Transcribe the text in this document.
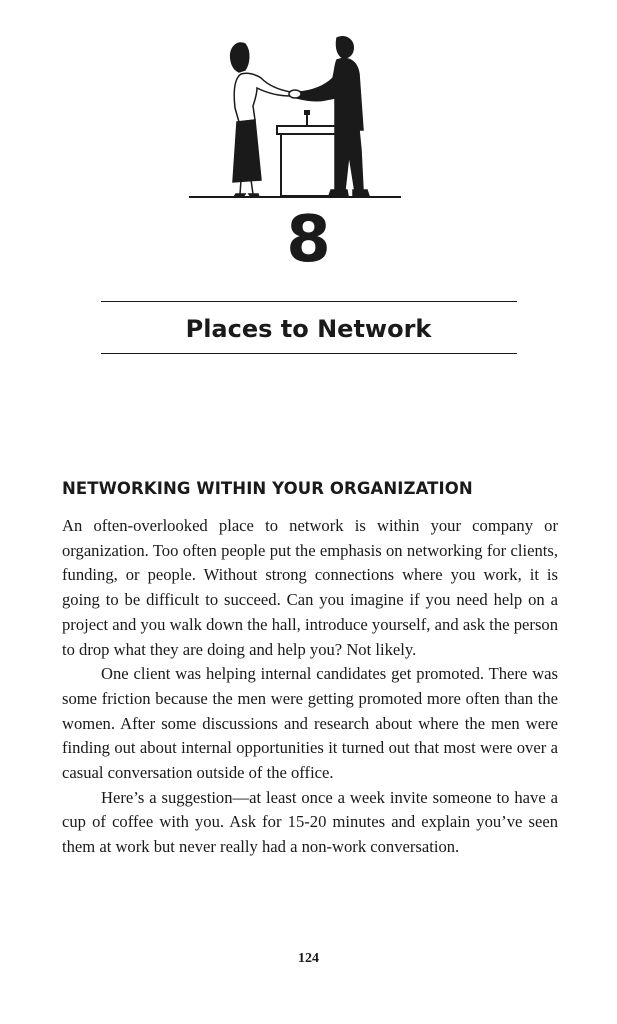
8
Places to Network
NETWORKING WITHIN YOUR ORGANIZATION

An often-overlooked place to network is within your company or organization. Too often people put the emphasis on networking for clients, funding, or people. Without strong connections where you work, it is going to be difficult to succeed. Can you imagine if you need help on a project and you walk down the hall, introduce yourself, and ask the person to drop what they are doing and help you? Not likely.

One client was helping internal candidates get promoted. There was some friction because the men were getting promoted more often than the women. After some discussions and research about where the men were finding out about internal opportunities it turned out that most were over a casual conversation outside of the office.

Here’s a suggestion—at least once a week invite someone to have a cup of coffee with you. Ask for 15-20 minutes and explain you’ve seen them at work but never really had a non-work conversation.

124
